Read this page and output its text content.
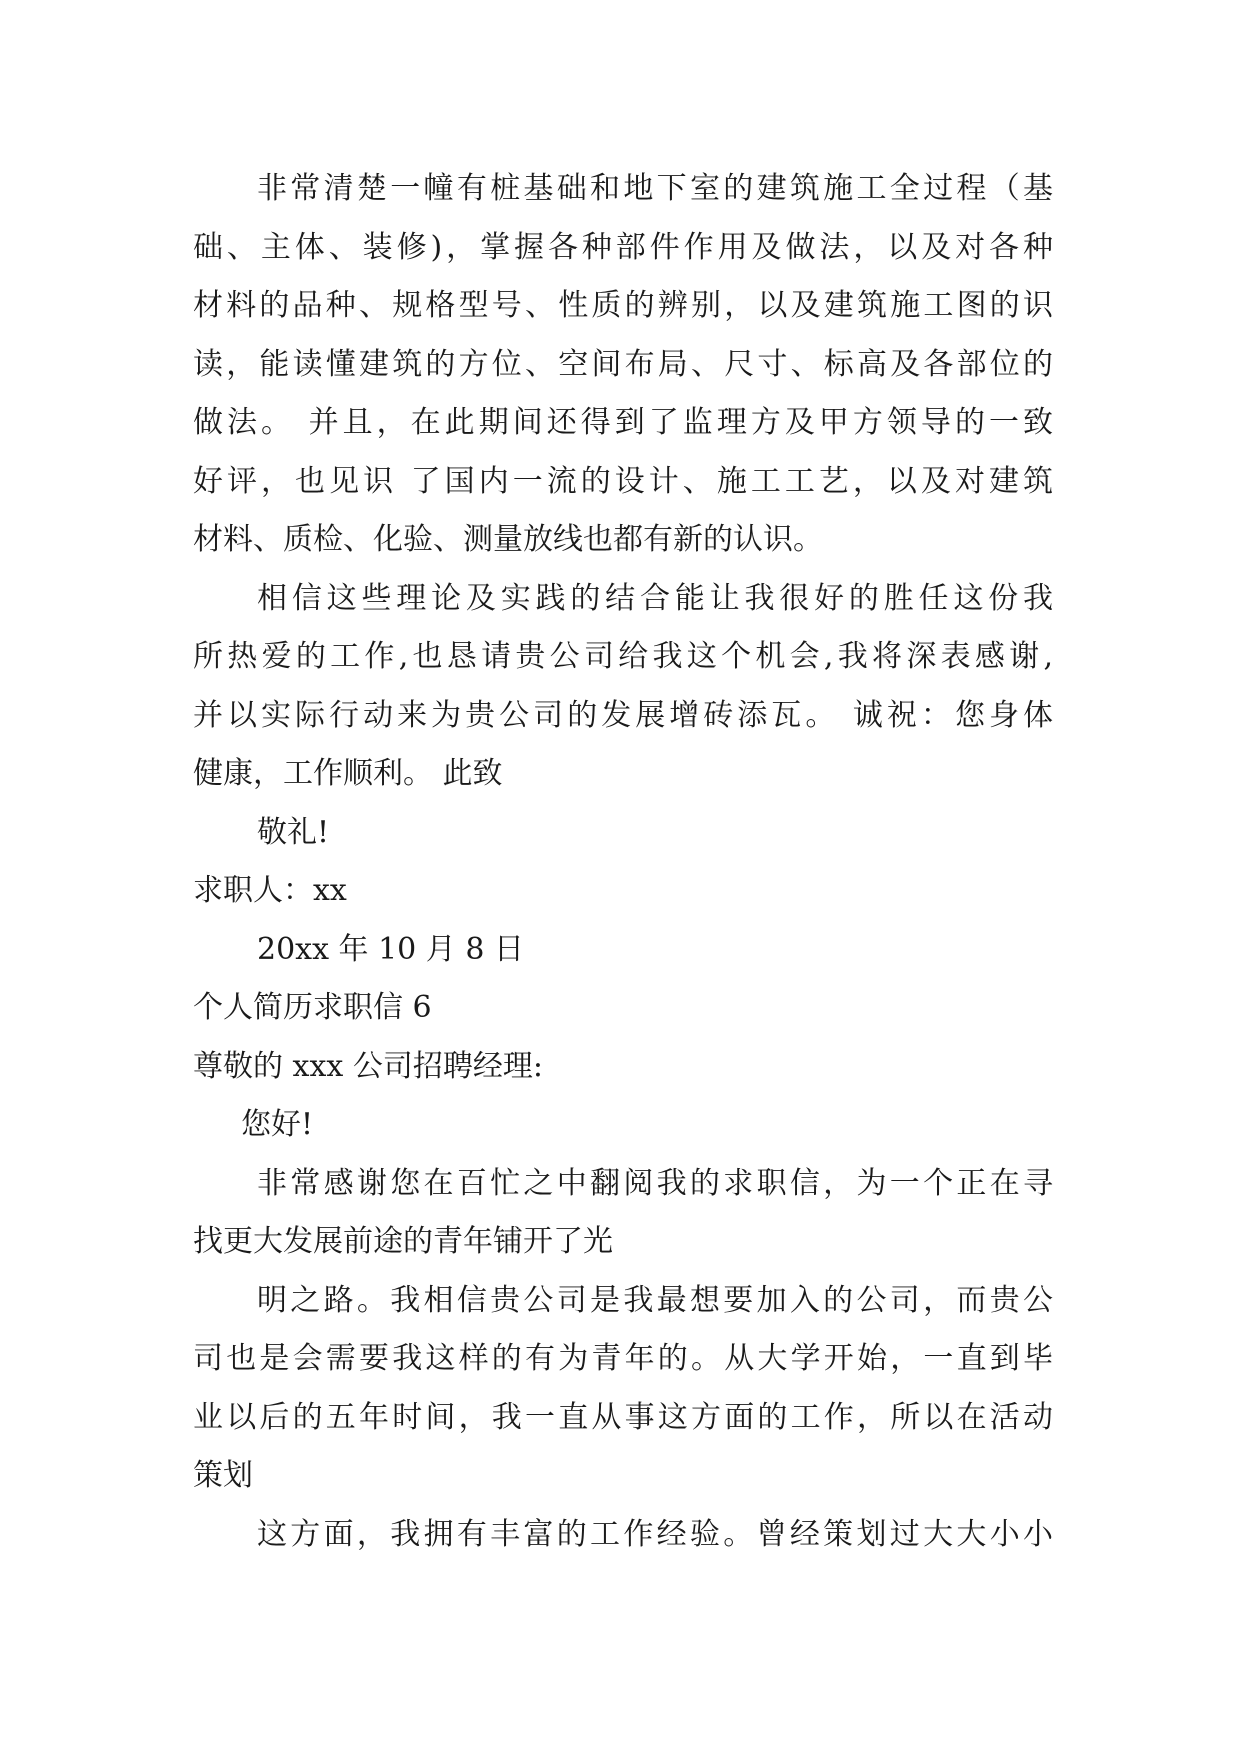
非常清楚一幢有桩基础和地下室的建筑施工全过程（基
础、主体、装修)，掌握各种部件作用及做法，以及对各种
材料的品种、规格型号、性质的辨别，以及建筑施工图的识
读，能读懂建筑的方位、空间布局、尺寸、标高及各部位的
做法。 并且，在此期间还得到了监理方及甲方领导的一致
好评，也见识 了国内一流的设计、施工工艺，以及对建筑
材料、质检、化验、测量放线也都有新的认识。
相信这些理论及实践的结合能让我很好的胜任这份我
所热爱的工作,也恳请贵公司给我这个机会,我将深表感谢,
并以实际行动来为贵公司的发展增砖添瓦。 诚祝：您身体
健康，工作顺利。 此致
敬礼!
求职人：xx
20xx 年 10 月 8 日
个人简历求职信 6
尊敬的 xxx 公司招聘经理:
您好!
非常感谢您在百忙之中翻阅我的求职信，为一个正在寻
找更大发展前途的青年铺开了光
明之路。我相信贵公司是我最想要加入的公司，而贵公
司也是会需要我这样的有为青年的。从大学开始，一直到毕
业以后的五年时间，我一直从事这方面的工作，所以在活动
策划
这方面，我拥有丰富的工作经验。曾经策划过大大小小
